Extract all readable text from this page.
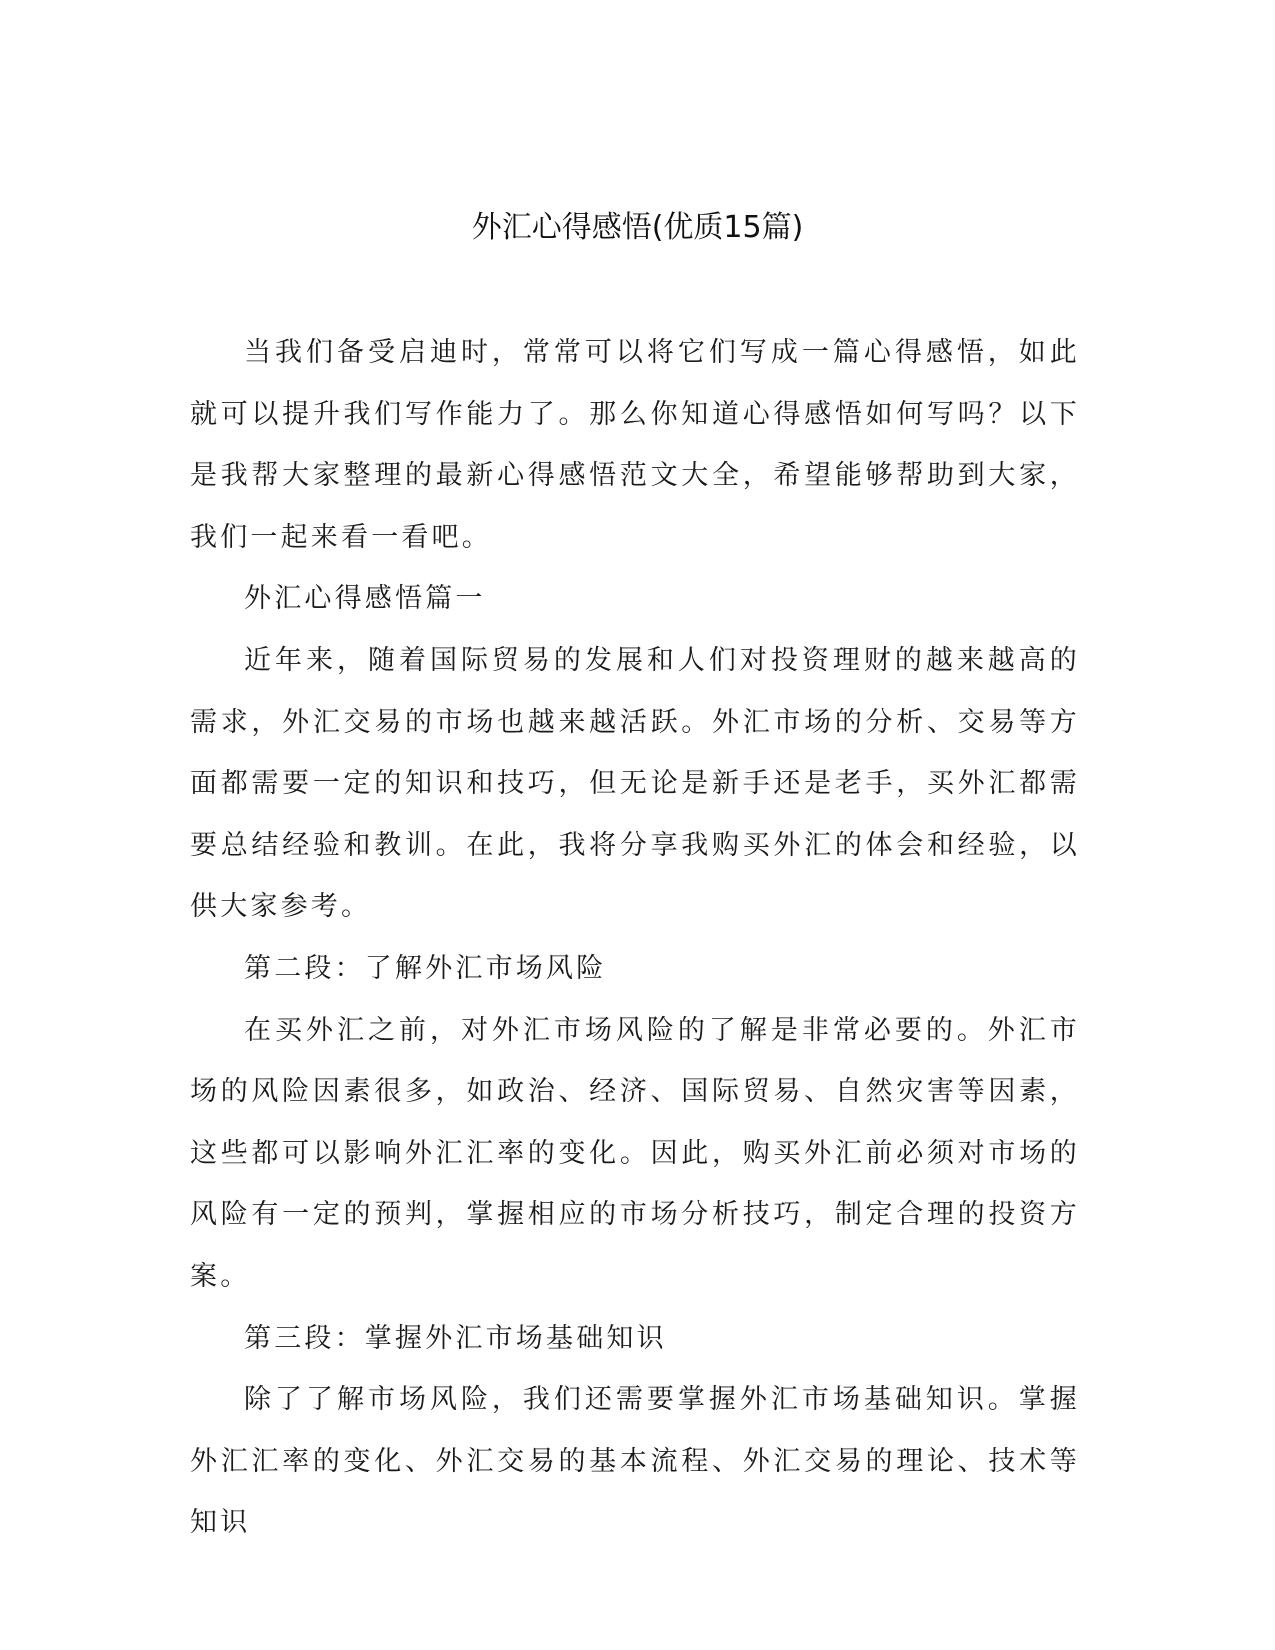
外汇心得感悟(优质15篇)

当我们备受启迪时，常常可以将它们写成一篇心得感悟，如此就可以提升我们写作能力了。那么你知道心得感悟如何写吗？以下是我帮大家整理的最新心得感悟范文大全，希望能够帮助到大家，我们一起来看一看吧。

外汇心得感悟篇一

近年来，随着国际贸易的发展和人们对投资理财的越来越高的需求，外汇交易的市场也越来越活跃。外汇市场的分析、交易等方面都需要一定的知识和技巧，但无论是新手还是老手，买外汇都需要总结经验和教训。在此，我将分享我购买外汇的体会和经验，以供大家参考。

第二段：了解外汇市场风险

在买外汇之前，对外汇市场风险的了解是非常必要的。外汇市场的风险因素很多，如政治、经济、国际贸易、自然灾害等因素，这些都可以影响外汇汇率的变化。因此，购买外汇前必须对市场的风险有一定的预判，掌握相应的市场分析技巧，制定合理的投资方案。

第三段：掌握外汇市场基础知识

除了了解市场风险，我们还需要掌握外汇市场基础知识。掌握外汇汇率的变化、外汇交易的基本流程、外汇交易的理论、技术等知识
